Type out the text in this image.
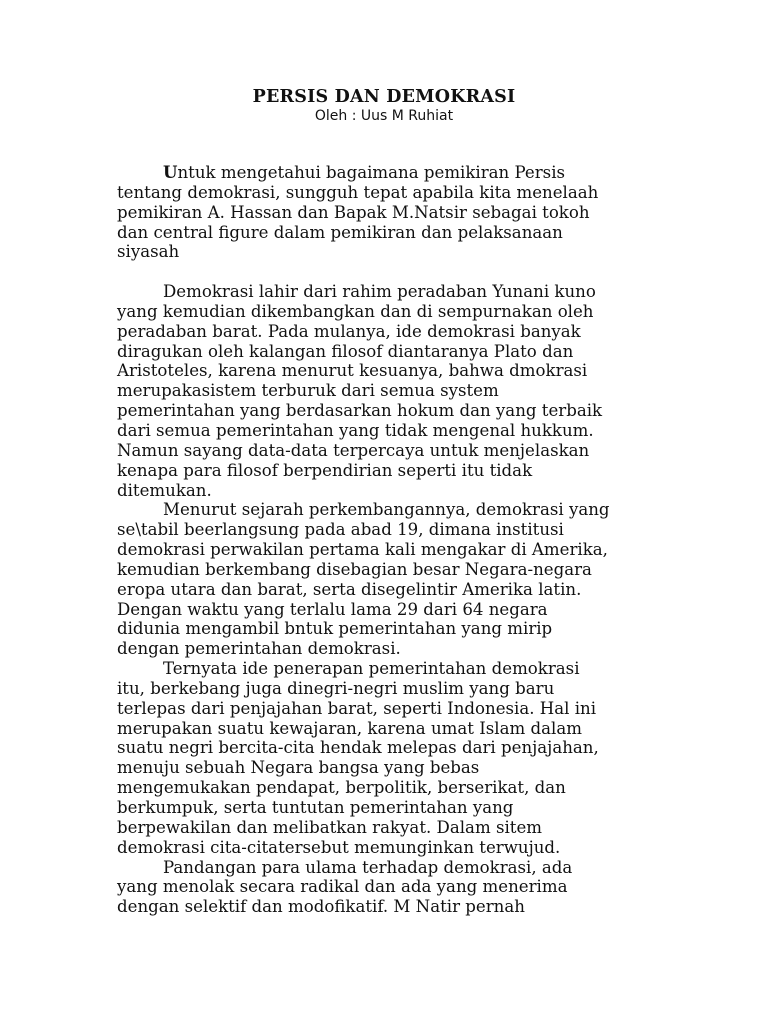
PERSIS DAN DEMOKRASI
Oleh : Uus M Ruhiat
Untuk mengetahui bagaimana pemikiran Persis
tentang demokrasi, sungguh tepat apabila kita menelaah
pemikiran A. Hassan dan Bapak M.Natsir sebagai tokoh
dan central figure dalam pemikiran dan pelaksanaan
siyasah
Demokrasi lahir dari rahim peradaban Yunani kuno
yang kemudian dikembangkan dan di sempurnakan oleh
peradaban barat. Pada mulanya, ide demokrasi banyak
diragukan oleh kalangan filosof diantaranya Plato dan
Aristoteles, karena menurut kesuanya, bahwa dmokrasi
merupakasistem terburuk dari semua system
pemerintahan yang berdasarkan hokum dan yang terbaik
dari semua pemerintahan yang tidak mengenal hukkum.
Namun sayang data-data terpercaya untuk menjelaskan
kenapa para filosof berpendirian seperti itu tidak
ditemukan.
Menurut sejarah perkembangannya, demokrasi yang
se\tabil beerlangsung pada abad 19, dimana institusi
demokrasi perwakilan pertama kali mengakar di Amerika,
kemudian berkembang disebagian besar Negara-negara
eropa utara dan barat, serta disegelintir Amerika latin.
Dengan waktu yang terlalu lama 29 dari 64 negara
didunia mengambil bntuk pemerintahan yang mirip
dengan pemerintahan demokrasi.
Ternyata ide penerapan pemerintahan demokrasi
itu, berkebang juga dinegri-negri muslim yang baru
terlepas dari penjajahan barat, seperti Indonesia. Hal ini
merupakan suatu kewajaran, karena umat Islam dalam
suatu negri bercita-cita hendak melepas dari penjajahan,
menuju sebuah Negara bangsa yang bebas
mengemukakan pendapat, berpolitik, berserikat, dan
berkumpuk, serta tuntutan pemerintahan yang
berpewakilan dan melibatkan rakyat. Dalam sitem
demokrasi cita-citatersebut memunginkan terwujud.
Pandangan para ulama terhadap demokrasi, ada
yang menolak secara radikal dan ada yang menerima
dengan selektif dan modofikatif. M Natir pernah
